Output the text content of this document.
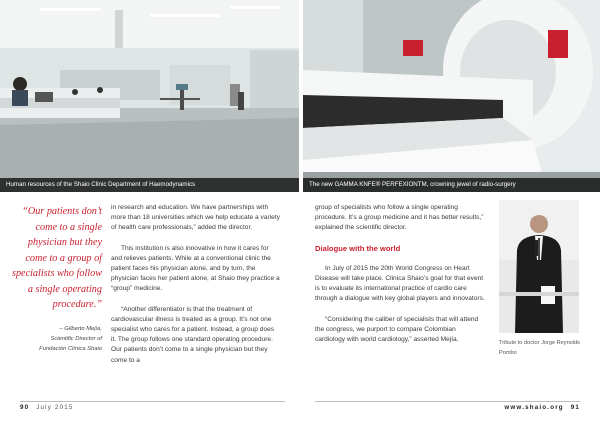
Human resources of the Shaio Clinic Department of Haemodynamics	The new GAMMA KNFE® PERFEXIONTM, crowning jewel of radio-surgery
“Our patients don’t come to a single physician but they come to a group of specialists who follow a single operating procedure.”
– Gilberto Mejía,
Scientific Director of
Fundación Clínica Shaio

in research and education. We have partnerships with more than 18 universities which we help educate a variety of health care professionals,” added the director.

This institution is also innovative in how it cares for and relieves patients. While at a conventional clinic the patient faces his physician alone, and by turn, the physician faces her patient alone, at Shaio they practice a “group” medicine.

“Another differentiator is that the treatment of cardiovascular illness is treated as a group. It’s not one specialist who cares for a patient. Instead, a group does it. The group follows one standard operating procedure. Our patients don’t come to a single physician but they come to a

group of specialists who follow a single operating procedure. It’s a group medicine and it has better results,” explained the scientific director.

Dialogue with the world

In July of 2015 the 20th World Congress on Heart Disease will take place. Clinica Shaio’s goal for that event is to evaluate its international practice of cardio care through a dialogue with key global players and innovators.

“Considering the caliber of specialists that will attend the congress, we purport to compare Colombian cardiology with world cardiology,” asserted Mejía.	Tribute to doctor Jorge Reynolds Pombo
90 July 2015	www.shaio.org 91
